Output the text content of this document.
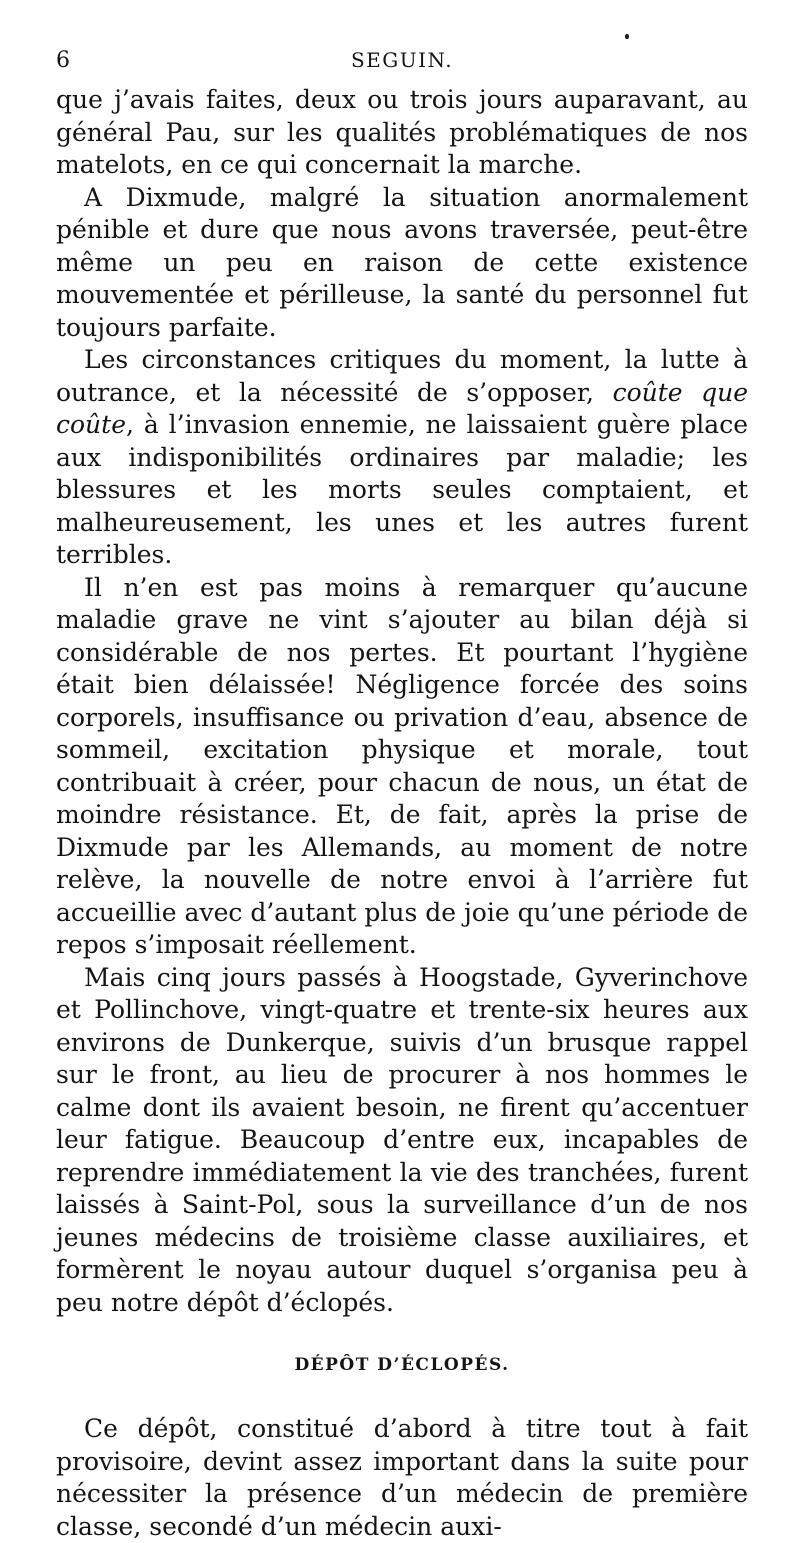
6	SEGUIN.

que j’avais faites, deux ou trois jours auparavant, au général Pau, sur les qualités problématiques de nos matelots, en ce qui concernait la marche.

A Dixmude, malgré la situation anormalement pénible et dure que nous avons traversée, peut-être même un peu en raison de cette existence mouvementée et périlleuse, la santé du personnel fut toujours parfaite.

Les circonstances critiques du moment, la lutte à outrance, et la nécessité de s’opposer, coûte que coûte, à l’invasion ennemie, ne laissaient guère place aux indisponibilités ordinaires par maladie; les blessures et les morts seules comptaient, et malheureusement, les unes et les autres furent terribles.

Il n’en est pas moins à remarquer qu’aucune maladie grave ne vint s’ajouter au bilan déjà si considérable de nos pertes. Et pourtant l’hygiène était bien délaissée! Négligence forcée des soins corporels, insuffisance ou privation d’eau, absence de sommeil, excitation physique et morale, tout contribuait à créer, pour chacun de nous, un état de moindre résistance. Et, de fait, après la prise de Dixmude par les Allemands, au moment de notre relève, la nouvelle de notre envoi à l’arrière fut accueillie avec d’autant plus de joie qu’une période de repos s’imposait réellement.

Mais cinq jours passés à Hoogstade, Gyverinchove et Pollinchove, vingt-quatre et trente-six heures aux environs de Dunkerque, suivis d’un brusque rappel sur le front, au lieu de procurer à nos hommes le calme dont ils avaient besoin, ne firent qu’accentuer leur fatigue. Beaucoup d’entre eux, incapables de reprendre immédiatement la vie des tranchées, furent laissés à Saint-Pol, sous la surveillance d’un de nos jeunes médecins de troisième classe auxiliaires, et formèrent le noyau autour duquel s’organisa peu à peu notre dépôt d’éclopés.

DÉPÔT D’ÉCLOPÉS.

Ce dépôt, constitué d’abord à titre tout à fait provisoire, devint assez important dans la suite pour nécessiter la présence d’un médecin de première classe, secondé d’un médecin auxi-
